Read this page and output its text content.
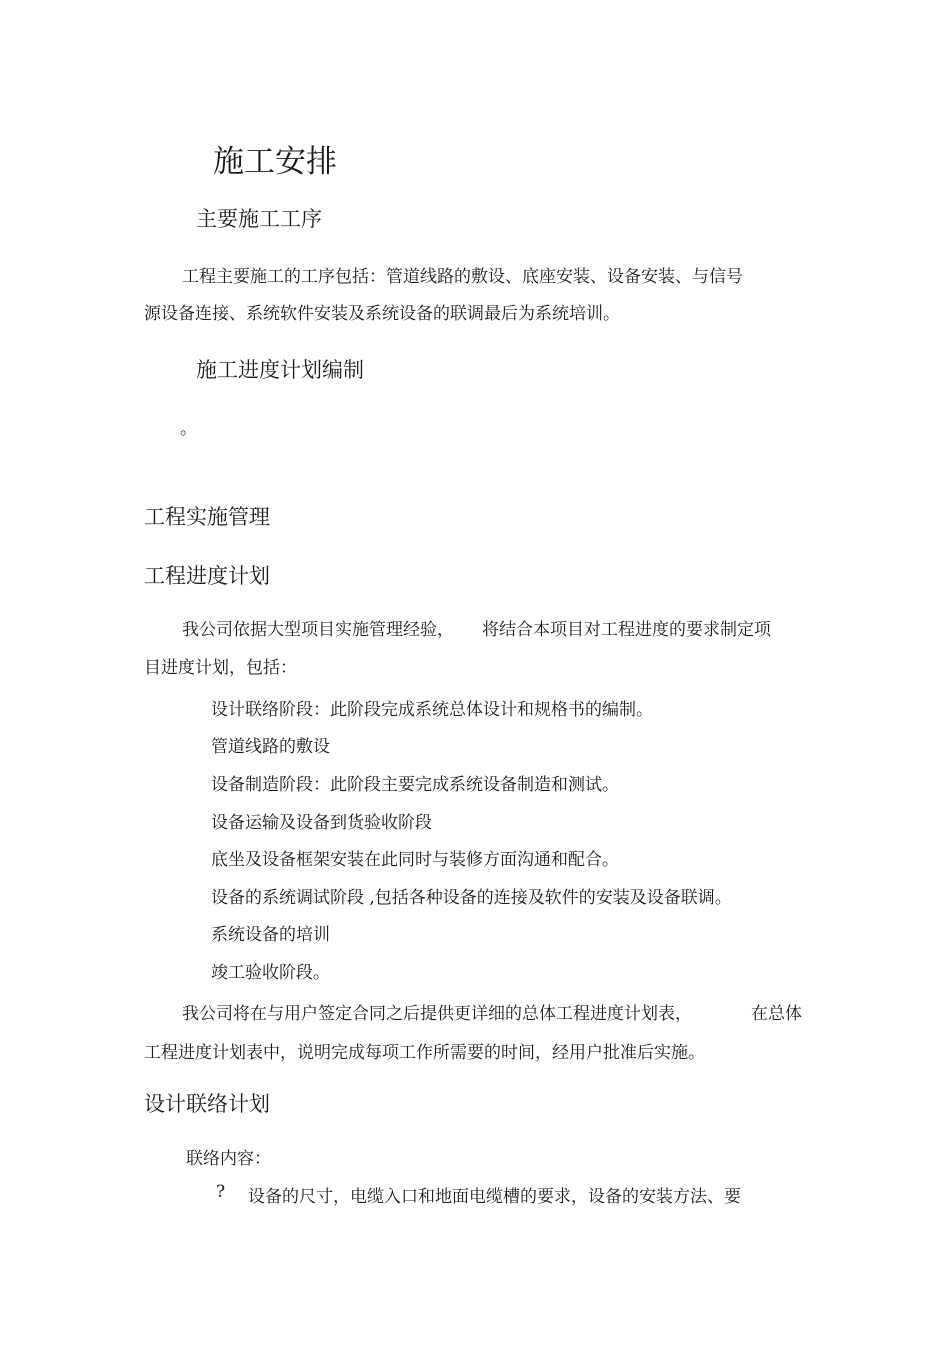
施工安排
主要施工工序
工程主要施工的工序包括：管道线路的敷设、底座安装、设备安装、与信号
源设备连接、系统软件安装及系统设备的联调最后为系统培训。
施工进度计划编制
。
工程实施管理
工程进度计划
我公司依据大型项目实施管理经验， 将结合本项目对工程进度的要求制定项
目进度计划，包括：
设计联络阶段：此阶段完成系统总体设计和规格书的编制。
管道线路的敷设
设备制造阶段：此阶段主要完成系统设备制造和测试。
设备运输及设备到货验收阶段
底坐及设备框架安装在此同时与装修方面沟通和配合。
设备的系统调试阶段 ,包括各种设备的连接及软件的安装及设备联调。
系统设备的培训
竣工验收阶段。
我公司将在与用户签定合同之后提供更详细的总体工程进度计划表，	在总体
工程进度计划表中，说明完成每项工作所需要的时间，经用户批准后实施。
设计联络计划
联络内容：
? 设备的尺寸，电缆入口和地面电缆槽的要求，设备的安装方法、要
